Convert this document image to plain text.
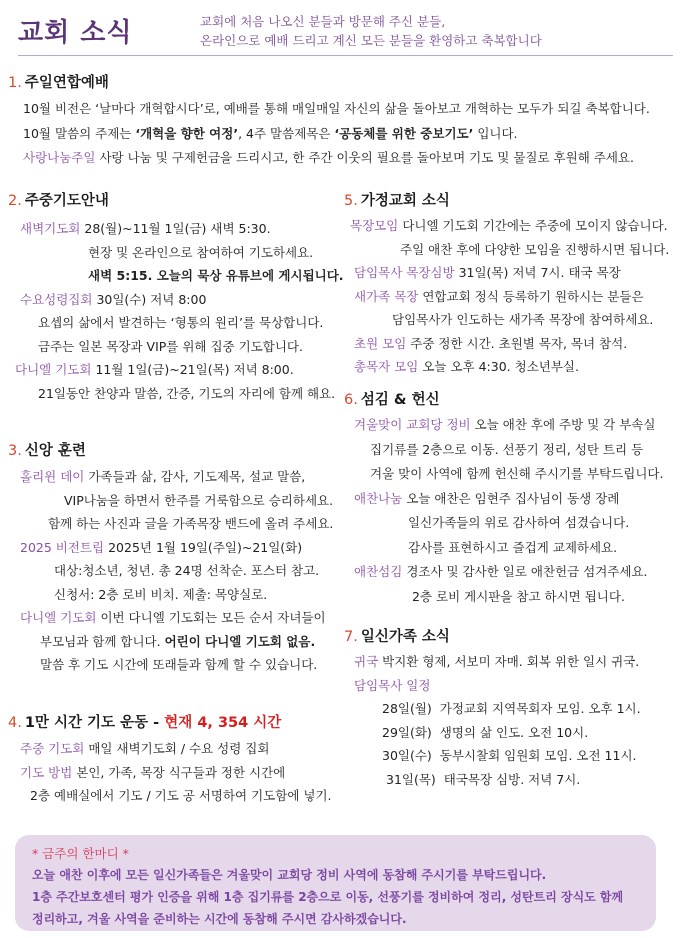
교회 소식	교회에 처음 나오신 분들과 방문해 주신 분들,
온라인으로 예배 드리고 계신 모든 분들을 환영하고 축복합니다
1. 주일연합예배
10월 비전은 ‘날마다 개혁합시다’로, 예배를 통해 매일매일 자신의 삶을 돌아보고 개혁하는 모두가 되길 축복합니다.
10월 말씀의 주제는 ‘개혁을 향한 여정’, 4주 말씀제목은 ‘공동체를 위한 중보기도’ 입니다.
사랑나눔주일 사랑 나눔 및 구제헌금을 드리시고, 한 주간 이웃의 필요를 돌아보며 기도 및 물질로 후원해 주세요.
2. 주중기도안내
새벽기도회 28(월)~11월 1일(금) 새벽 5:30.
현장 및 온라인으로 참여하여 기도하세요.
새벽 5:15. 오늘의 묵상 유튜브에 게시됩니다.
수요성령집회 30일(수) 저녁 8:00
요셉의 삶에서 발견하는 ‘형통의 원리’를 묵상합니다.
금주는 일본 목장과 VIP를 위해 집중 기도합니다.
다니엘 기도회 11월 1일(금)~21일(목) 저녁 8:00.
21일동안 찬양과 말씀, 간증, 기도의 자리에 함께 해요.
3. 신앙 훈련
홀리윈 데이 가족들과 삶, 감사, 기도제목, 설교 말씀,
VIP나눔을 하면서 한주를 거룩함으로 승리하세요.
함께 하는 사진과 글을 가족목장 밴드에 올려 주세요.
2025 비전트립 2025년 1월 19일(주일)~21일(화)
대상:청소년, 청년. 총 24명 선착순. 포스터 참고.
신청서: 2층 로비 비치. 제출: 목양실로.
다니엘 기도회 이번 다니엘 기도회는 모든 순서 자녀들이
부모님과 함께 합니다. 어린이 다니엘 기도회 없음.
말씀 후 기도 시간에 또래들과 함께 할 수 있습니다.
4. 1만 시간 기도 운동 - 현재 4, 354 시간
주중 기도회 매일 새벽기도회 / 수요 성령 집회
기도 방법 본인, 가족, 목장 식구들과 정한 시간에
2층 예배실에서 기도 / 기도 공 서명하여 기도함에 넣기.
5. 가정교회 소식
목장모임 다니엘 기도회 기간에는 주중에 모이지 않습니다.
주일 애찬 후에 다양한 모임을 진행하시면 됩니다.
담임목사 목장심방 31일(목) 저녁 7시. 태국 목장
새가족 목장 연합교회 정식 등록하기 원하시는 분들은
담임목사가 인도하는 새가족 목장에 참여하세요.
초원 모임 주중 정한 시간. 초원별 목자, 목녀 참석.
총목자 모임 오늘 오후 4:30. 청소년부실.
6. 섬김 & 헌신
겨울맞이 교회당 정비 오늘 애찬 후에 주방 및 각 부속실
집기류를 2층으로 이동. 선풍기 정리, 성탄 트리 등
겨울 맞이 사역에 함께 헌신해 주시기를 부탁드립니다.
애찬나눔 오늘 애찬은 임현주 집사님이 동생 장례
일신가족들의 위로 감사하여 섬겼습니다.
감사를 표현하시고 즐겁게 교제하세요.
애찬섬김 경조사 및 감사한 일로 애찬헌금 섬겨주세요.
2층 로비 게시판을 참고 하시면 됩니다.
7. 일신가족 소식
귀국 박지환 형제, 서보미 자매. 회복 위한 일시 귀국.
담임목사 일정
28일(월) 가정교회 지역목회자 모임. 오후 1시.
29일(화) 생명의 삶 인도. 오전 10시.
30일(수) 동부시찰회 임원회 모임. 오전 11시.
31일(목) 태국목장 심방. 저녁 7시.
* 금주의 한마디 *
오늘 애찬 이후에 모든 일신가족들은 겨울맞이 교회당 정비 사역에 동참해 주시기를 부탁드립니다.
1층 주간보호센터 평가 인증을 위해 1층 집기류를 2층으로 이동, 선풍기를 정비하여 정리, 성탄트리 장식도 함께
정리하고, 겨울 사역을 준비하는 시간에 동참해 주시면 감사하겠습니다.
